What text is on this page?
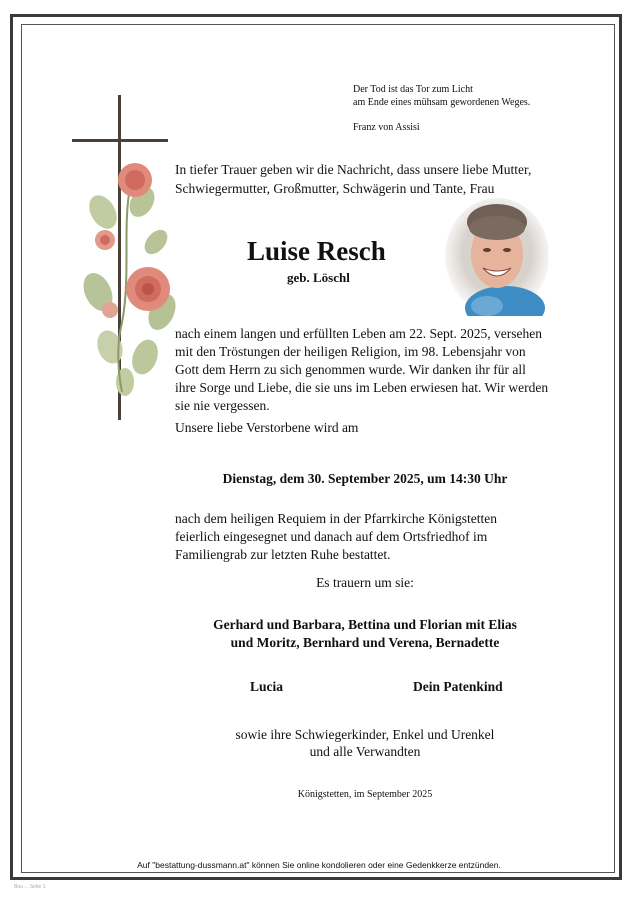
Der Tod ist das Tor zum Licht
am Ende eines mühsam gewordenen Weges.
Franz von Assisi
In tiefer Trauer geben wir die Nachricht, dass unsere liebe Mutter,
Schwiegermutter, Großmutter, Schwägerin und Tante, Frau
Luise Resch
geb. Löschl
nach einem langen und erfüllten Leben am 22. Sept. 2025, versehen
mit den Tröstungen der heiligen Religion, im 98. Lebensjahr von
Gott dem Herrn zu sich genommen wurde. Wir danken ihr für all
ihre Sorge und Liebe, die sie uns im Leben erwiesen hat. Wir werden
sie nie vergessen.
Unsere liebe Verstorbene wird am
Dienstag, dem 30. September 2025, um 14:30 Uhr
nach dem heiligen Requiem in der Pfarrkirche Königstetten
feierlich eingesegnet und danach auf dem Ortsfriedhof im
Familiengrab zur letzten Ruhe bestattet.
Es trauern um sie:
Gerhard und Barbara, Bettina und Florian mit Elias
und Moritz, Bernhard und Verena, Bernadette
Lucia	Dein Patenkind
sowie ihre Schwiegerkinder, Enkel und Urenkel
und alle Verwandten
Königstetten, im September 2025
Auf "bestattung-dussmann.at" können Sie online kondolieren oder eine Gedenkkerze entzünden.
Bnu ... Seite 1
